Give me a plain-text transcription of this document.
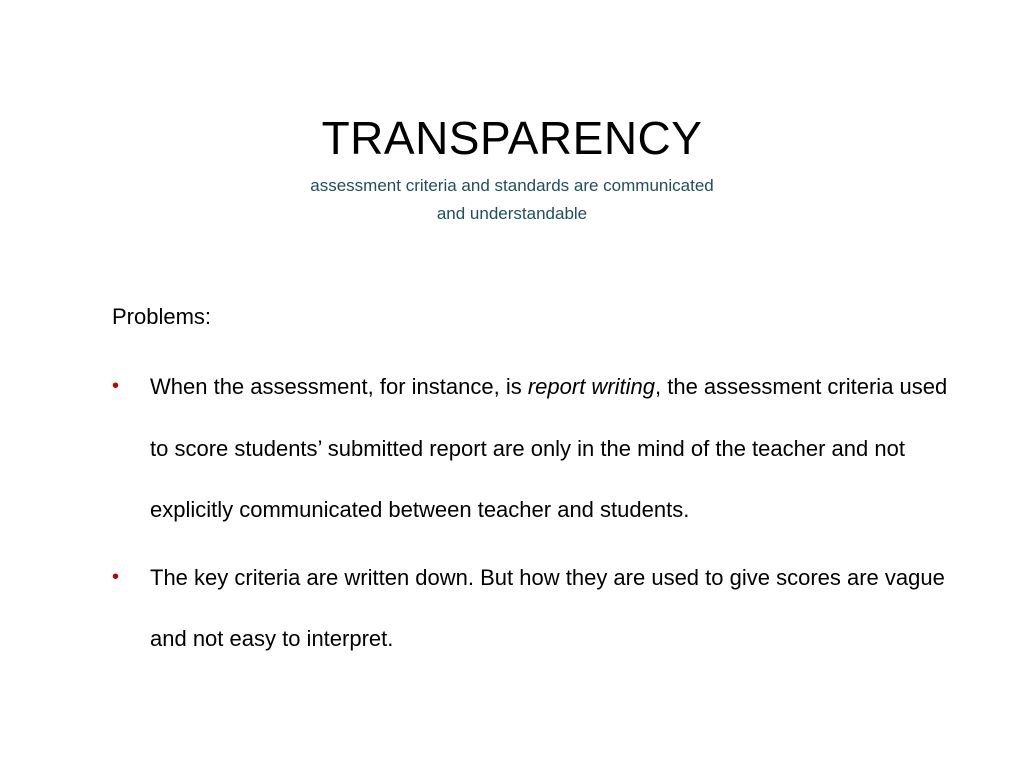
TRANSPARENCY
assessment criteria and standards are communicated
and understandable
Problems:
• When the assessment, for instance, is report writing, the assessment criteria used to score students’ submitted report are only in the mind of the teacher and not explicitly communicated between teacher and students.
• The key criteria are written down. But how they are used to give scores are vague and not easy to interpret.
